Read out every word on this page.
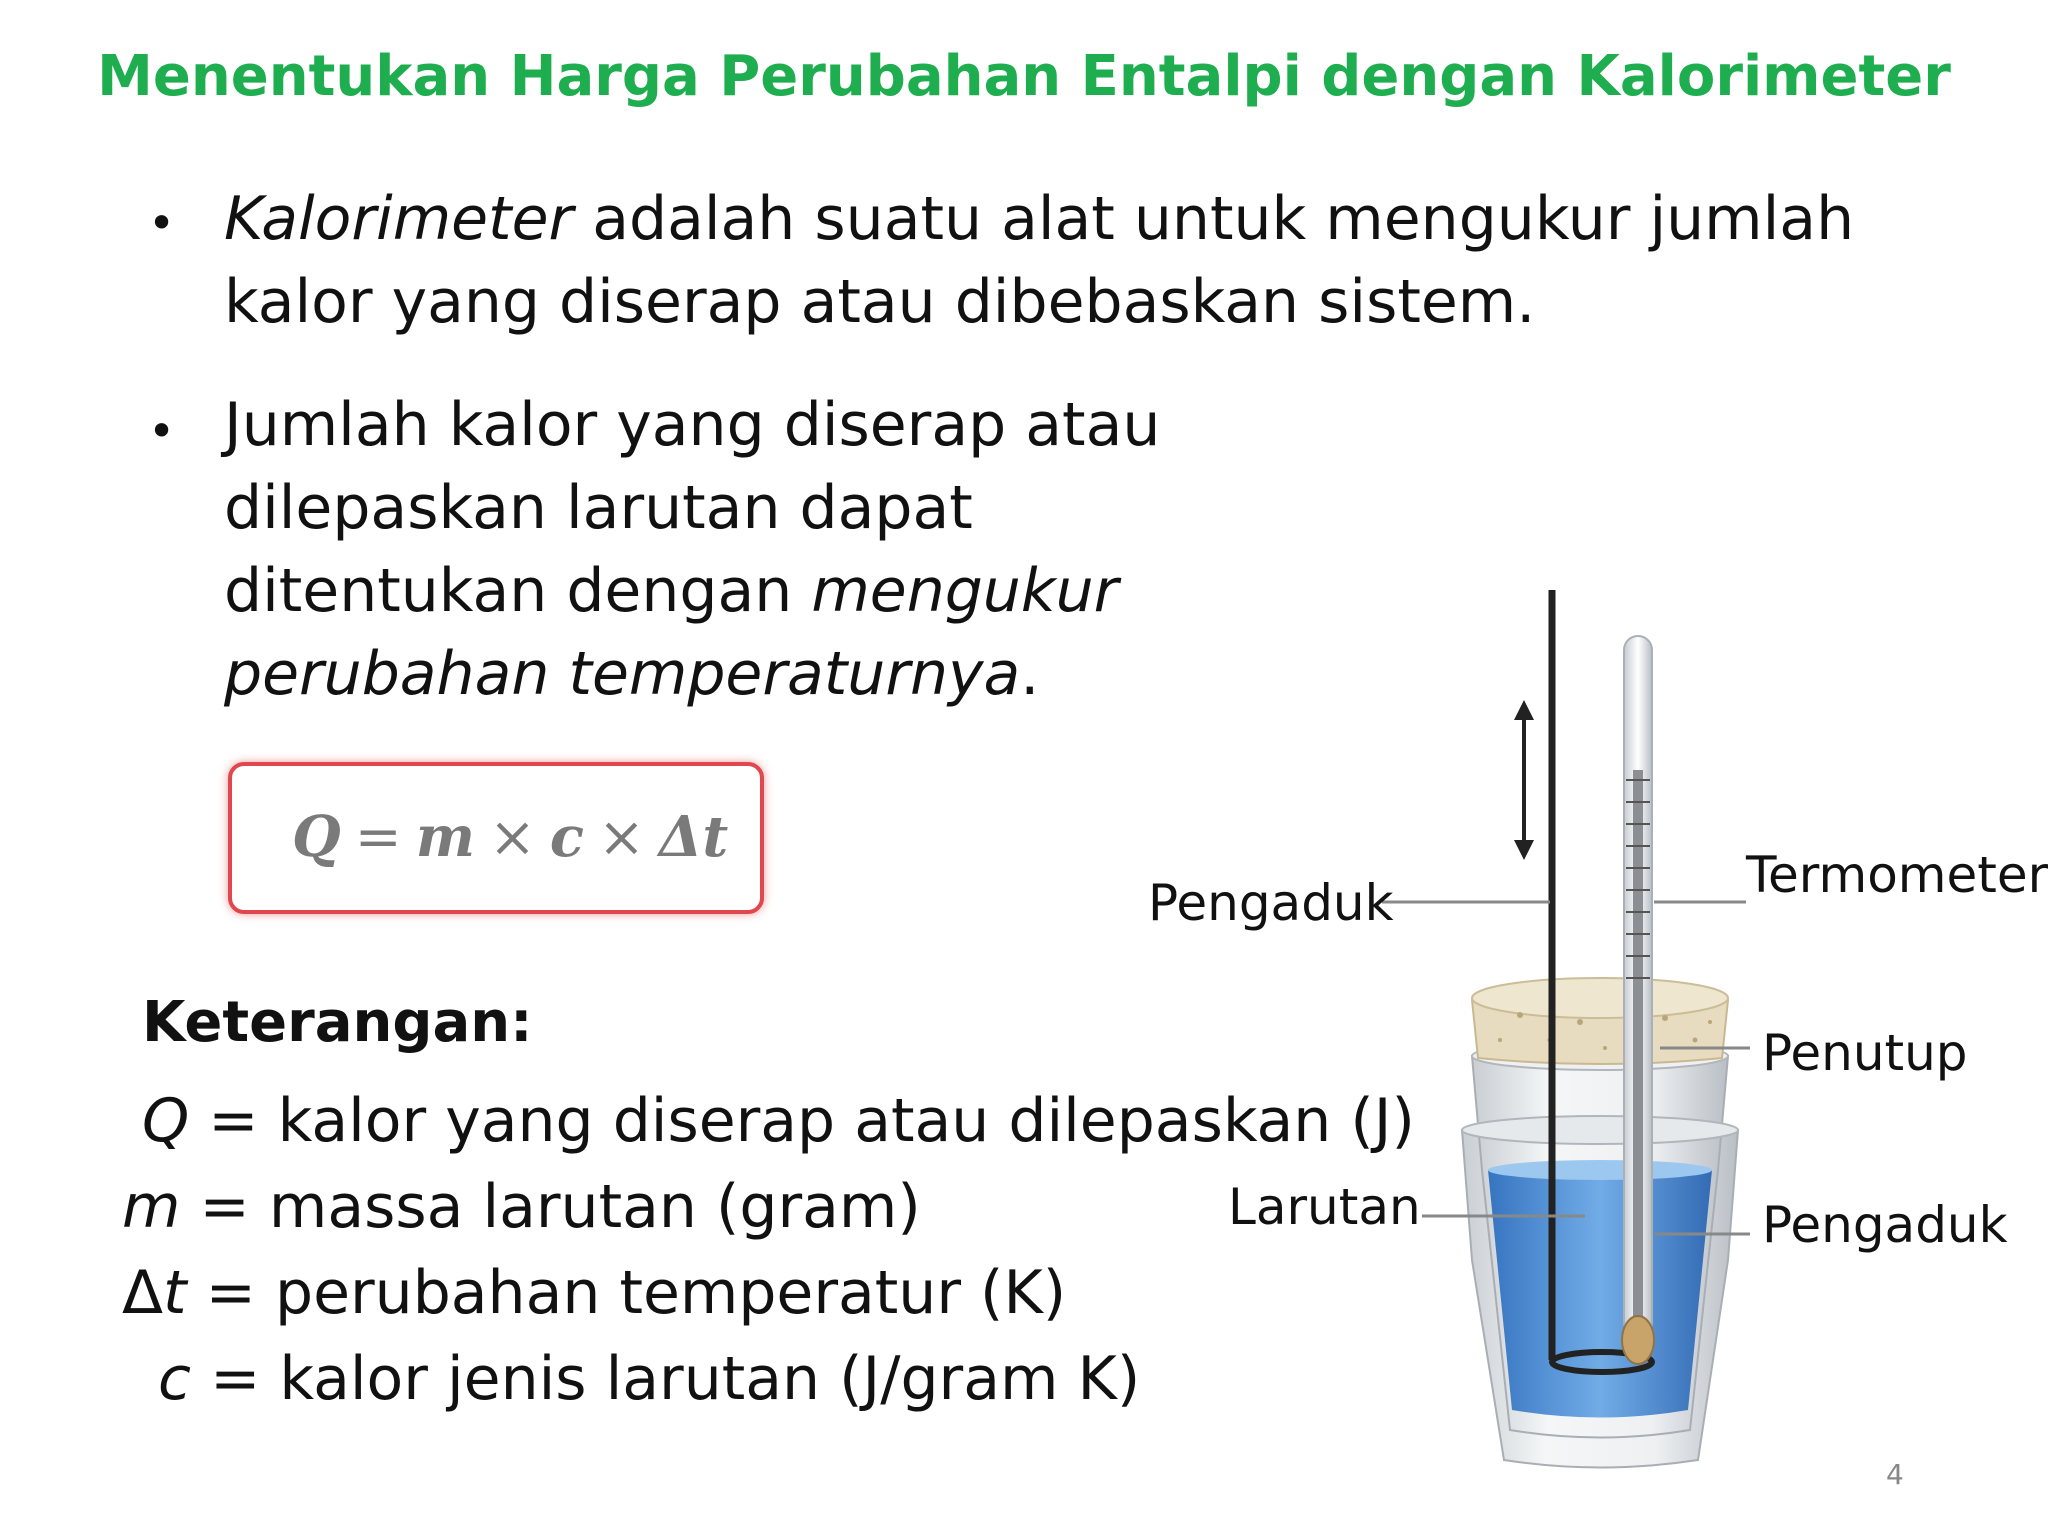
Menentukan Harga Perubahan Entalpi dengan Kalorimeter
• Kalorimeter adalah suatu alat untuk mengukur jumlah
kalor yang diserap atau dibebaskan sistem.
• Jumlah kalor yang diserap atau
dilepaskan larutan dapat
ditentukan dengan mengukur
perubahan temperaturnya.
Q = m × c × Δt
Keterangan:
Q = kalor yang diserap atau dilepaskan (J)
m = massa larutan (gram)
Δt = perubahan temperatur (K)
c = kalor jenis larutan (J/gram K)
Pengaduk	Termometer
Penutup
Larutan	Pengaduk
4
